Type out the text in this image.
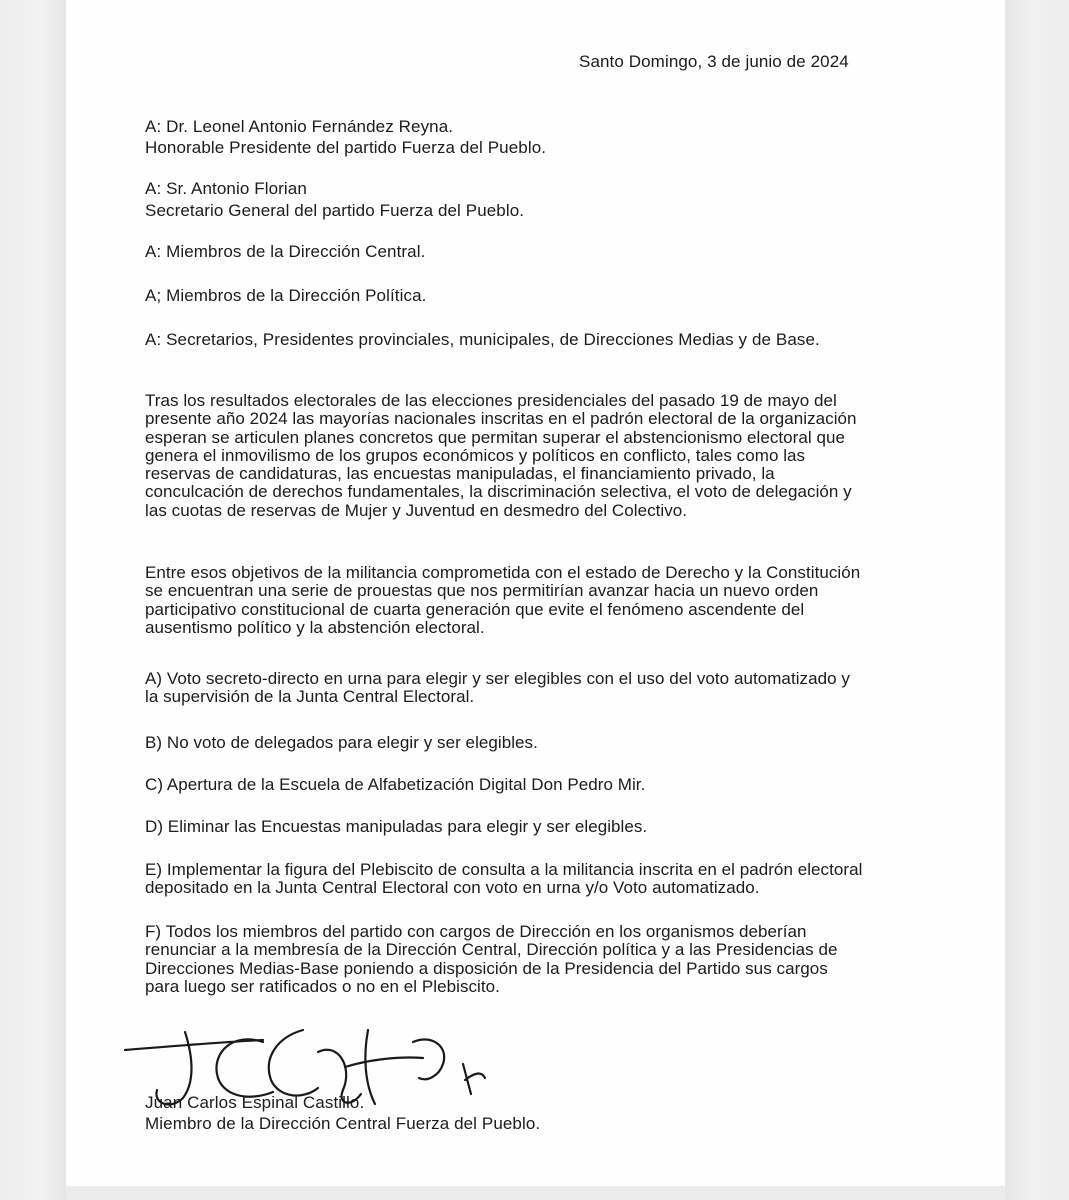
Santo Domingo, 3 de junio de 2024

A: Dr. Leonel Antonio Fernández Reyna.

Honorable Presidente del partido Fuerza del Pueblo.

A: Sr. Antonio Florian

Secretario General del partido Fuerza del Pueblo.

A: Miembros de la Dirección Central.

A; Miembros de la Dirección Política.

A: Secretarios, Presidentes provinciales, municipales, de Direcciones Medias y de Base.

Tras los resultados electorales de las elecciones presidenciales del pasado 19 de mayo del
presente año 2024 las mayorías nacionales inscritas en el padrón electoral de la organización
esperan se articulen planes concretos que permitan superar el abstencionismo electoral que
genera el inmovilismo de los grupos económicos y políticos en conflicto, tales como las
reservas de candidaturas, las encuestas manipuladas, el financiamiento privado, la
conculcación de derechos fundamentales, la discriminación selectiva, el voto de delegación y
las cuotas de reservas de Mujer y Juventud en desmedro del Colectivo.
Entre esos objetivos de la militancia comprometida con el estado de Derecho y la Constitución
se encuentran una serie de prouestas que nos permitirían avanzar hacia un nuevo orden
participativo constitucional de cuarta generación que evite el fenómeno ascendente del
ausentismo político y la abstención electoral.
A) Voto secreto-directo en urna para elegir y ser elegibles con el uso del voto automatizado y
la supervisión de la Junta Central Electoral.
B) No voto de delegados para elegir y ser elegibles.
C) Apertura de la Escuela de Alfabetización Digital Don Pedro Mir.
D) Eliminar las Encuestas manipuladas para elegir y ser elegibles.
E) Implementar la figura del Plebiscito de consulta a la militancia inscrita en el padrón electoral
depositado en la Junta Central Electoral con voto en urna y/o Voto automatizado.
F) Todos los miembros del partido con cargos de Dirección en los organismos deberían
renunciar a la membresía de la Dirección Central, Dirección política y a las Presidencias de
Direcciones Medias-Base poniendo a disposición de la Presidencia del Partido sus cargos
para luego ser ratificados o no en el Plebiscito.

Juan Carlos Espinal Castillo.

Miembro de la Dirección Central Fuerza del Pueblo.
